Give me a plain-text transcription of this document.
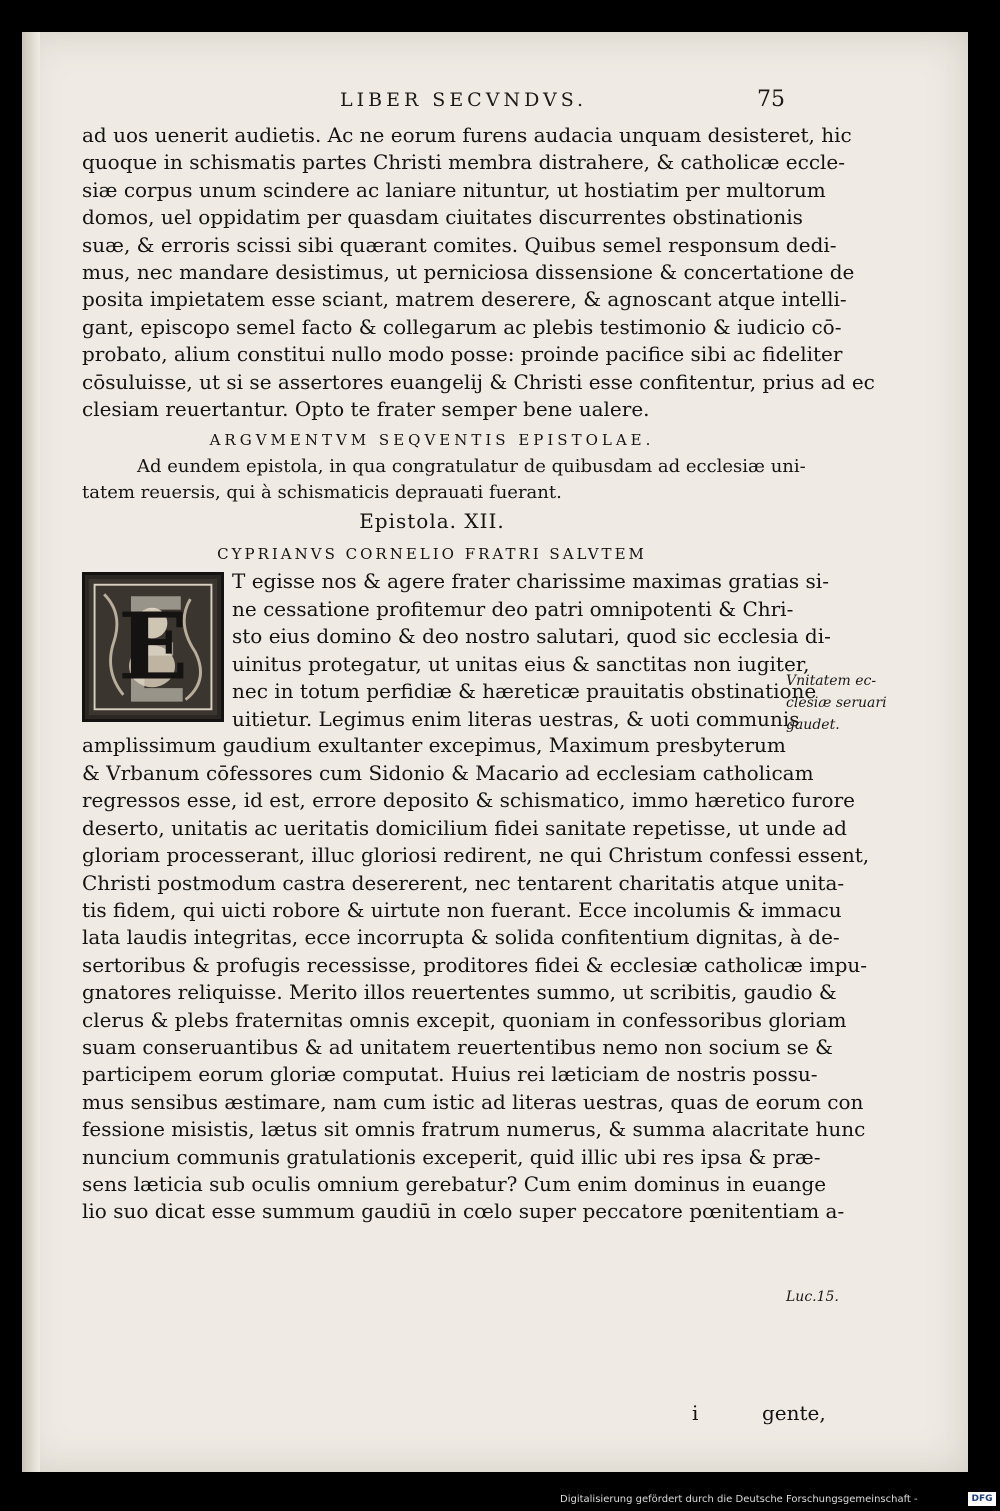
LIBER SECVNDVS.	75
ad uos uenerit audietis. Ac ne eorum furens audacia unquam desisteret, hic
quoque in schismatis partes Christi membra distrahere, & catholicæ eccle-
siæ corpus unum scindere ac laniare nituntur, ut hostiatim per multorum
domos, uel oppidatim per quasdam ciuitates discurrentes obstinationis
suæ, & erroris scissi sibi quærant comites. Quibus semel responsum dedi-
mus, nec mandare desistimus, ut perniciosa dissensione & concertatione de
posita impietatem esse sciant, matrem deserere, & agnoscant atque intelli-
gant, episcopo semel facto & collegarum ac plebis testimonio & iudicio cō-
probato, alium constitui nullo modo posse: proinde pacifice sibi ac fideliter
cōsuluisse, ut si se assertores euangelij & Christi esse confitentur, prius ad ec
clesiam reuertantur. Opto te frater semper bene ualere.
ARGVMENTVM SEQVENTIS EPISTOLAE.
Ad eundem epistola, in qua congratulatur de quibusdam ad ecclesiæ uni-
tatem reuersis, qui à schismaticis deprauati fuerant.
Epistola. XII.
CYPRIANVS CORNELIO FRATRI SALVTEM
E
T egisse nos & agere frater charissime maximas gratias si-
ne cessatione profitemur deo patri omnipotenti & Chri-
sto eius domino & deo nostro salutari, quod sic ecclesia di-
uinitus protegatur, ut unitas eius & sanctitas non iugiter,
nec in totum perfidiæ & hæreticæ prauitatis obstinatione
uitietur. Legimus enim literas uestras, & uoti communis
amplissimum gaudium exultanter excepimus, Maximum presbyterum
& Vrbanum cōfessores cum Sidonio & Macario ad ecclesiam catholicam
regressos esse, id est, errore deposito & schismatico, immo hæretico furore
deserto, unitatis ac ueritatis domicilium fidei sanitate repetisse, ut unde ad
gloriam processerant, illuc gloriosi redirent, ne qui Christum confessi essent,
Christi postmodum castra desererent, nec tentarent charitatis atque unita-
tis fidem, qui uicti robore & uirtute non fuerant. Ecce incolumis & immacu
lata laudis integritas, ecce incorrupta & solida confitentium dignitas, à de-
sertoribus & profugis recessisse, proditores fidei & ecclesiæ catholicæ impu-
gnatores reliquisse. Merito illos reuertentes summo, ut scribitis, gaudio &
clerus & plebs fraternitas omnis excepit, quoniam in confessoribus gloriam
suam conseruantibus & ad unitatem reuertentibus nemo non socium se &
participem eorum gloriæ computat. Huius rei læticiam de nostris possu-
mus sensibus æstimare, nam cum istic ad literas uestras, quas de eorum con
fessione misistis, lætus sit omnis fratrum numerus, & summa alacritate hunc
nuncium communis gratulationis exceperit, quid illic ubi res ipsa & præ-
sens læticia sub oculis omnium gerebatur? Cum enim dominus in euange
lio suo dicat esse summum gaudiū in cœlo super peccatore pœnitentiam a-
i	gente,
Vnitatem ec-
clesiæ seruari
gaudet.
Luc.15.
Digitalisierung gefördert durch die Deutsche Forschungsgemeinschaft -	DFG
